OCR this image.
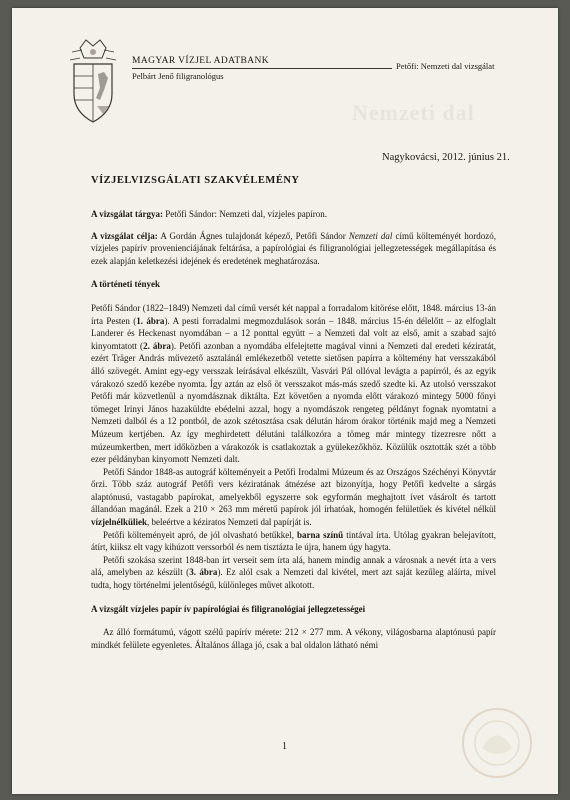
MAGYAR VÍZJEL ADATBANK
Pelbárt Jenő filigranológus
Petőfi: Nemzeti dal vizsgálat
Nemzeti dal
Nagykovácsi, 2012. június 21.
VÍZJELVIZSGÁLATI SZAKVÉLEMÉNY

A vizsgálat tárgya: Petőfi Sándor: Nemzeti dal, vízjeles papíron.

A vizsgálat célja: A Gordán Ágnes tulajdonát képező, Petőfi Sándor Nemzeti dal című költeményét hordozó, vízjeles papírív provenienciájának feltárása, a papírológiai és filigranológiai jellegzetességek megállapítása és ezek alapján keletkezési idejének és eredetének meghatározása.

A történeti tények

Petőfi Sándor (1822–1849) Nemzeti dal című versét két nappal a forradalom kitörése előtt, 1848. március 13-án írta Pesten (1. ábra). A pesti forradalmi megmozdulások során – 1848. március 15-én délelőtt – az elfoglalt Landerer és Heckenast nyomdában – a 12 ponttal együtt – a Nemzeti dal volt az első, amit a szabad sajtó kinyomtatott (2. ábra). Petőfi azonban a nyomdába elfelejtette magával vinni a Nemzeti dal eredeti kéziratát, ezért Träger András művezető asztalánál emlékezetből vetette sietősen papírra a költemény hat versszakából álló szövegét. Amint egy-egy versszak leírásával elkészült, Vasvári Pál ollóval levágta a papírról, és az egyik várakozó szedő kezébe nyomta. Így aztán az első öt versszakot más-más szedő szedte ki. Az utolsó versszakot Petőfi már közvetlenül a nyomdásznak diktálta. Ezt követően a nyomda előtt várakozó mintegy 5000 főnyi tömeget Irinyi János hazaküldte ebédelni azzal, hogy a nyomdászok rengeteg példányt fognak nyomtatni a Nemzeti dalból és a 12 pontból, de azok szétosztása csak délután három órakor történik majd meg a Nemzeti Múzeum kertjében. Az így meghirdetett délutáni találkozóra a tömeg már mintegy tízezresre nőtt a múzeumkertben, mert időközben a várakozók is csatlakoztak a gyülekezőkhöz. Közülük osztották szét a több ezer példányban kinyomott Nemzeti dalt.

Petőfi Sándor 1848-as autográf költeményeit a Petőfi Irodalmi Múzeum és az Országos Széchényi Könyvtár őrzi. Több száz autográf Petőfi vers kéziratának átnézése azt bizonyítja, hogy Petőfi kedvelte a sárgás alaptónusú, vastagabb papírokat, amelyekből egyszerre sok egyformán meghajtott ívet vásárolt és tartott állandóan magánál. Ezek a 210 × 263 mm méretű papírok jól írhatóak, homogén felületűek és kivétel nélkül vízjelnélküliek, beleértve a kéziratos Nemzeti dal papírját is.

Petőfi költeményeit apró, de jól olvasható betűkkel, barna színű tintával írta. Utólag gyakran belejavított, átírt, kiiksz elt vagy kihúzott verssorból és nem tisztázta le újra, hanem úgy hagyta.

Petőfi szokása szerint 1848-ban írt verseit sem írta alá, hanem mindig annak a városnak a nevét írta a vers alá, amelyben az készült (3. ábra). Ez alól csak a Nemzeti dal kivétel, mert azt saját kezűleg aláírta, mivel tudta, hogy történelmi jelentőségű, különleges művet alkotott.

A vizsgált vízjeles papír ív papírológiai és filigranológiai jellegzetességei

Az álló formátumú, vágott szélű papírív mérete: 212 × 277 mm. A vékony, világosbarna alaptónusú papír mindkét felülete egyenletes. Általános állaga jó, csak a bal oldalon látható némi

1
